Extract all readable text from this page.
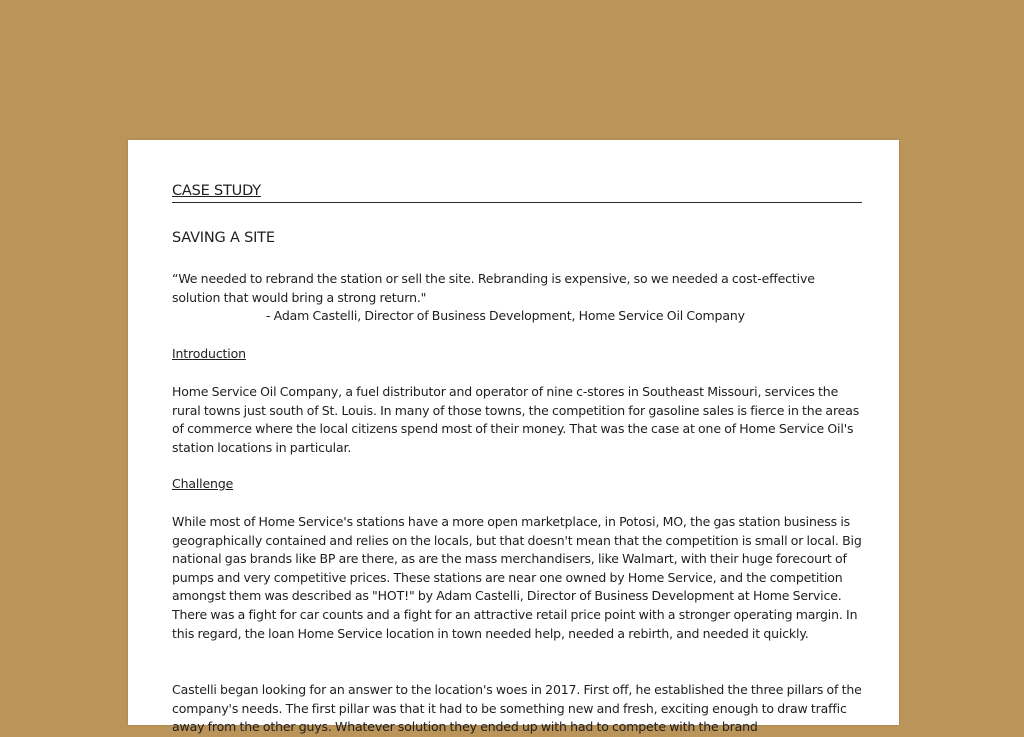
CASE STUDY
SAVING A SITE

“We needed to rebrand the station or sell the site. Rebranding is expensive, so we needed a cost-effective solution that would bring a strong return."
- Adam Castelli, Director of Business Development, Home Service Oil Company

Introduction

Home Service Oil Company, a fuel distributor and operator of nine c-stores in Southeast Missouri, services the rural towns just south of St. Louis. In many of those towns, the competition for gasoline sales is fierce in the areas of commerce where the local citizens spend most of their money. That was the case at one of Home Service Oil's station locations in particular.

Challenge

While most of Home Service's stations have a more open marketplace, in Potosi, MO, the gas station business is geographically contained and relies on the locals, but that doesn't mean that the competition is small or local. Big national gas brands like BP are there, as are the mass merchandisers, like Walmart, with their huge forecourt of pumps and very competitive prices. These stations are near one owned by Home Service, and the competition amongst them was described as "HOT!" by Adam Castelli, Director of Business Development at Home Service. There was a fight for car counts and a fight for an attractive retail price point with a stronger operating margin. In this regard, the loan Home Service location in town needed help, needed a rebirth, and needed it quickly.

Castelli began looking for an answer to the location's woes in 2017. First off, he established the three pillars of the company's needs. The first pillar was that it had to be something new and fresh, exciting enough to draw traffic away from the other guys. Whatever solution they ended up with had to compete with the brand
